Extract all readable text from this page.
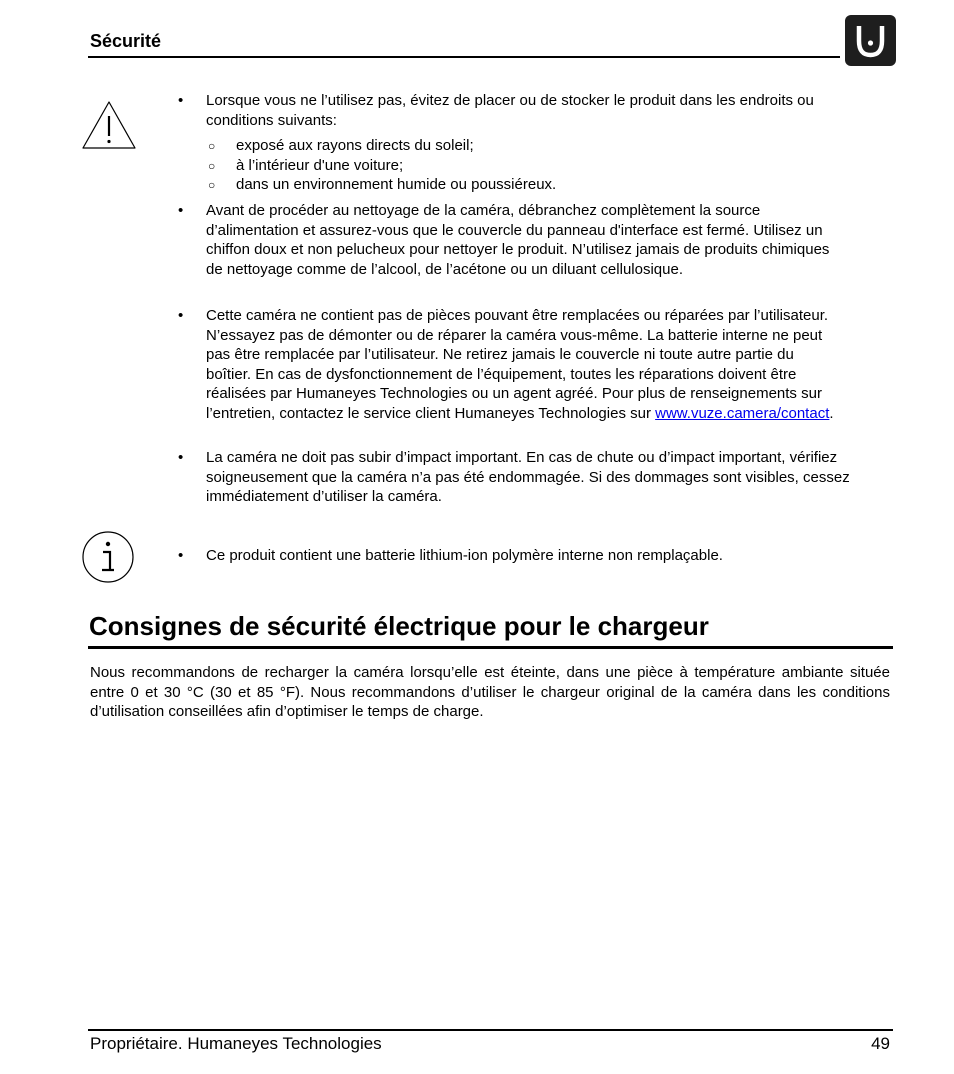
Sécurité
• Lorsque vous ne l’utilisez pas, évitez de placer ou de stocker le produit dans les endroits ou conditions suivants:
○ exposé aux rayons directs du soleil;
○ à l’intérieur d'une voiture;
○ dans un environnement humide ou poussiéreux.
• Avant de procéder au nettoyage de la caméra, débranchez complètement la source d’alimentation et assurez-vous que le couvercle du panneau d'interface est fermé. Utilisez un chiffon doux et non pelucheux pour nettoyer le produit. N’utilisez jamais de produits chimiques de nettoyage comme de l’alcool, de l’acétone ou un diluant cellulosique.
• Cette caméra ne contient pas de pièces pouvant être remplacées ou réparées par l’utilisateur. N’essayez pas de démonter ou de réparer la caméra vous-même. La batterie interne ne peut pas être remplacée par l’utilisateur. Ne retirez jamais le couvercle ni toute autre partie du boîtier. En cas de dysfonctionnement de l’équipement, toutes les réparations doivent être réalisées par Humaneyes Technologies ou un agent agréé. Pour plus de renseignements sur l’entretien, contactez le service client Humaneyes Technologies sur www.vuze.camera/contact.
• La caméra ne doit pas subir d’impact important. En cas de chute ou d’impact important, vérifiez soigneusement que la caméra n’a pas été endommagée. Si des dommages sont visibles, cessez immédiatement d’utiliser la caméra.
• Ce produit contient une batterie lithium-ion polymère interne non remplaçable.
Consignes de sécurité électrique pour le chargeur
Nous recommandons de recharger la caméra lorsqu’elle est éteinte, dans une pièce à température ambiante située entre 0 et 30 °C (30 et 85 °F). Nous recommandons d’utiliser le chargeur original de la caméra dans les conditions d’utilisation conseillées afin d’optimiser le temps de charge.
Propriétaire. Humaneyes Technologies	49
